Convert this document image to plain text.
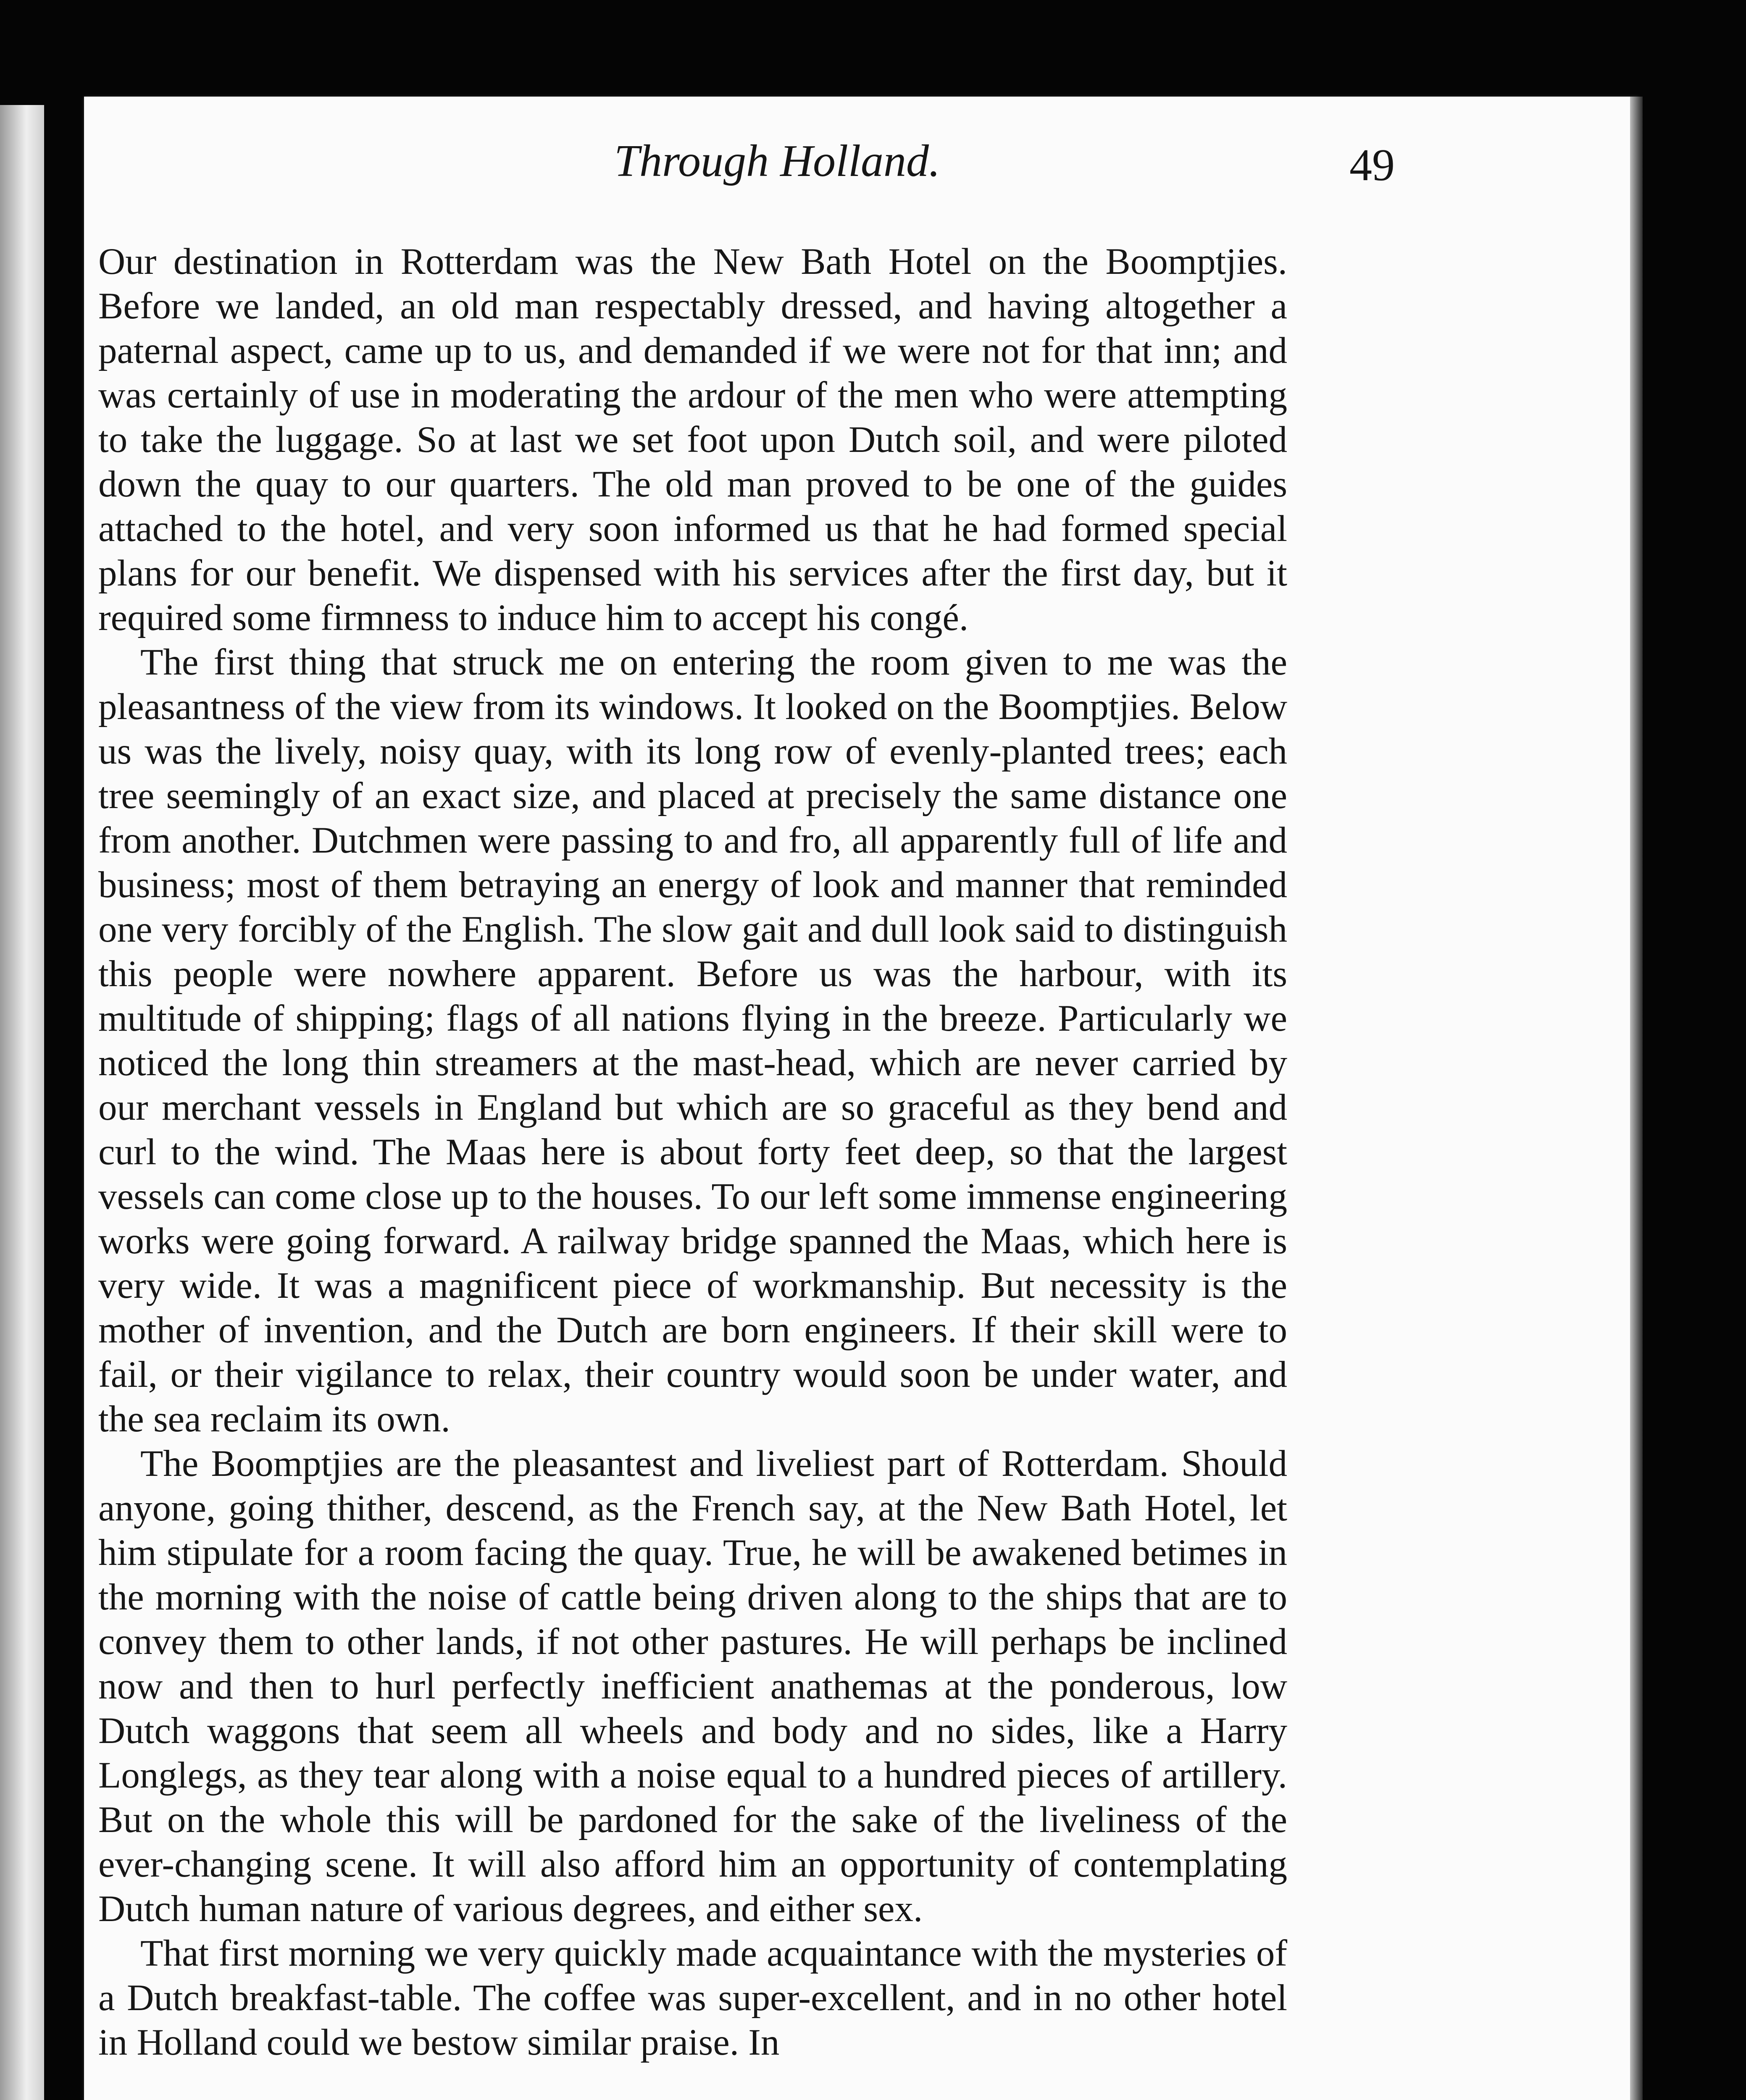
Through Holland.	49

Our destination in Rotterdam was the New Bath Hotel on the Boomptjies. Before we landed, an old man respectably dressed, and having altogether a paternal aspect, came up to us, and demanded if we were not for that inn; and was certainly of use in moderating the ardour of the men who were attempting to take the luggage. So at last we set foot upon Dutch soil, and were piloted down the quay to our quarters. The old man proved to be one of the guides attached to the hotel, and very soon informed us that he had formed special plans for our benefit. We dispensed with his services after the first day, but it required some firmness to induce him to accept his congé.

The first thing that struck me on entering the room given to me was the pleasantness of the view from its windows. It looked on the Boomptjies. Below us was the lively, noisy quay, with its long row of evenly-planted trees; each tree seemingly of an exact size, and placed at precisely the same distance one from another. Dutchmen were passing to and fro, all apparently full of life and business; most of them betraying an energy of look and manner that reminded one very forcibly of the English. The slow gait and dull look said to distinguish this people were nowhere apparent. Before us was the harbour, with its multitude of shipping; flags of all nations flying in the breeze. Particularly we noticed the long thin streamers at the mast-head, which are never carried by our merchant vessels in England but which are so graceful as they bend and curl to the wind. The Maas here is about forty feet deep, so that the largest vessels can come close up to the houses. To our left some immense engineering works were going forward. A railway bridge spanned the Maas, which here is very wide. It was a magnificent piece of workmanship. But necessity is the mother of invention, and the Dutch are born engineers. If their skill were to fail, or their vigilance to relax, their country would soon be under water, and the sea reclaim its own.

The Boomptjies are the pleasantest and liveliest part of Rotterdam. Should anyone, going thither, descend, as the French say, at the New Bath Hotel, let him stipulate for a room facing the quay. True, he will be awakened betimes in the morning with the noise of cattle being driven along to the ships that are to convey them to other lands, if not other pastures. He will perhaps be inclined now and then to hurl perfectly inefficient anathemas at the ponderous, low Dutch waggons that seem all wheels and body and no sides, like a Harry Longlegs, as they tear along with a noise equal to a hundred pieces of artillery. But on the whole this will be pardoned for the sake of the liveliness of the ever-changing scene. It will also afford him an opportunity of contemplating Dutch human nature of various degrees, and either sex.

That first morning we very quickly made acquaintance with the mysteries of a Dutch breakfast-table. The coffee was super-excellent, and in no other hotel in Holland could we bestow similar praise. In
